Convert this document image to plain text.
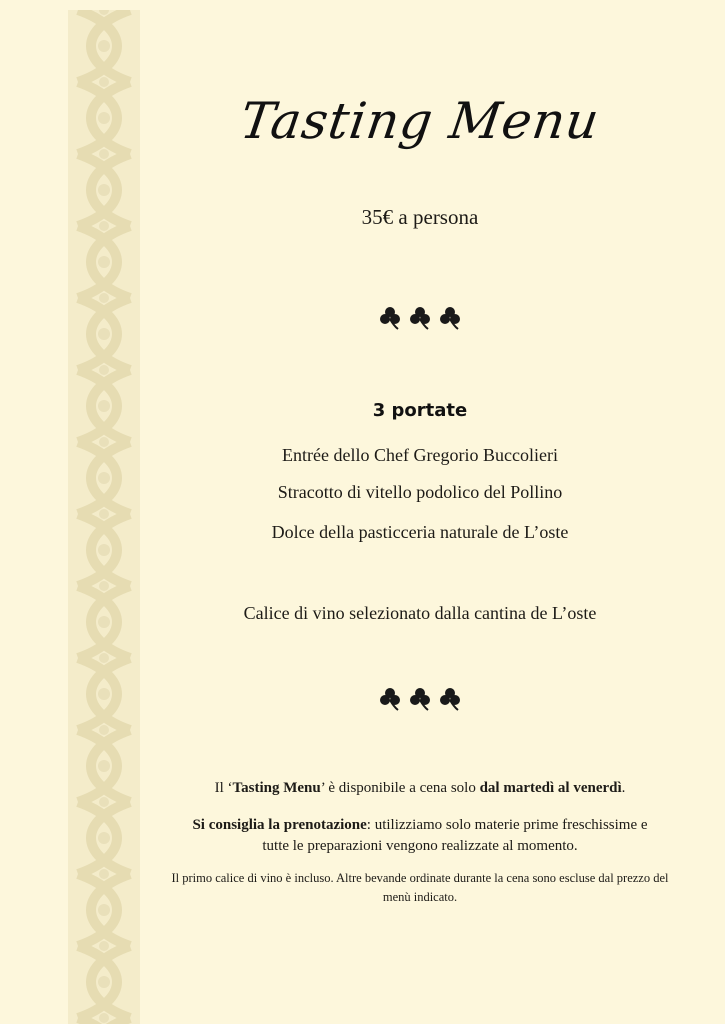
Tasting Menu
35€ a persona
3 portate
Entrée dello Chef Gregorio Buccolieri
Stracotto di vitello podolico del Pollino
Dolce della pasticceria naturale de L’oste
Calice di vino selezionato dalla cantina de L’oste
Il ‘Tasting Menu’ è disponibile a cena solo dal martedì al venerdì.
Si consiglia la prenotazione: utilizziamo solo materie prime freschissime e tutte le preparazioni vengono realizzate al momento.
Il primo calice di vino è incluso. Altre bevande ordinate durante la cena sono escluse dal prezzo del menù indicato.
